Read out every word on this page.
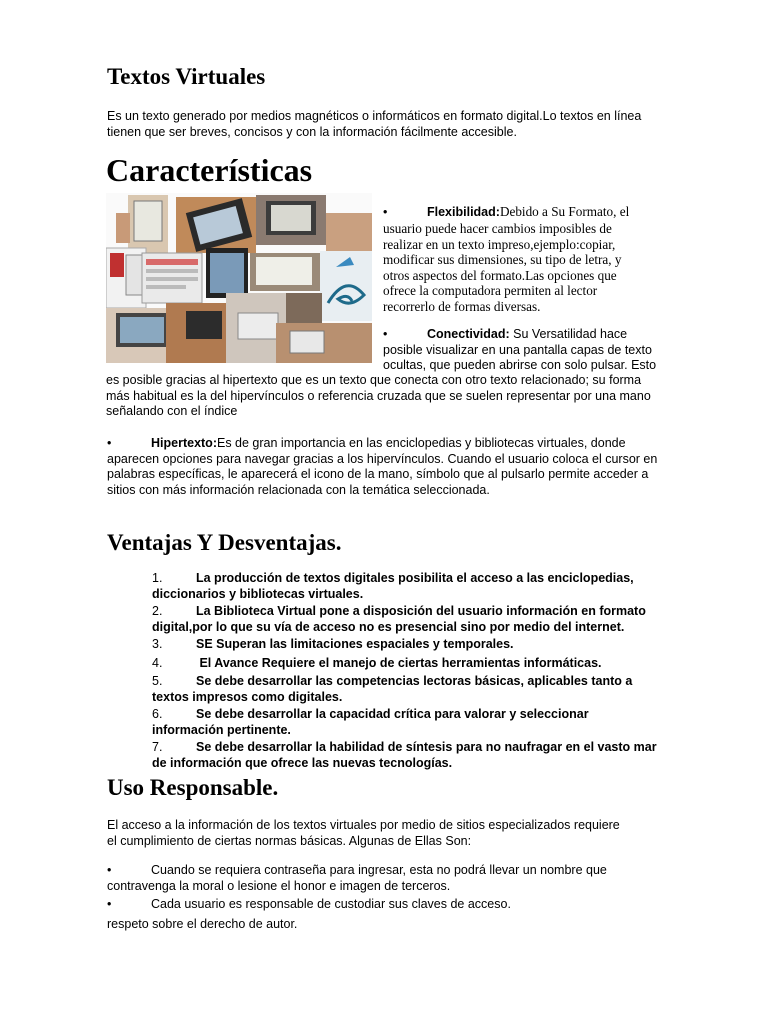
Textos Virtuales
Es un texto generado por medios magnéticos o informáticos en formato digital.Lo textos en línea
tienen que ser breves, concisos y con la información fácilmente accesible.
Características
•	Flexibilidad:Debido a Su Formato, el
usuario puede hacer cambios imposibles de
realizar en un texto impreso,ejemplo:copiar,
modificar sus dimensiones, su tipo de letra, y
otros aspectos del formato.Las opciones que
ofrece la computadora permiten al lector
recorrerlo de formas diversas.
•	Conectividad: Su Versatilidad hace
posible visualizar en una pantalla capas de texto
ocultas, que pueden abrirse con solo pulsar. Esto
es posible gracias al hipertexto que es un texto que conecta con otro texto relacionado; su forma
más habitual es la del hipervínculos o referencia cruzada que se suelen representar por una mano
señalando con el índice
•	Hipertexto:Es de gran importancia en las enciclopedias y bibliotecas virtuales, donde
aparecen opciones para navegar gracias a los hipervínculos. Cuando el usuario coloca el cursor en
palabras específicas, le aparecerá el icono de la mano, símbolo que al pulsarlo permite acceder a
sitios con más información relacionada con la temática seleccionada.
Ventajas Y Desventajas.
1.	La producción de textos digitales posibilita el acceso a las enciclopedias,
diccionarios y bibliotecas virtuales.
2.	La Biblioteca Virtual pone a disposición del usuario información en formato
digital,por lo que su vía de acceso no es presencial sino por medio del internet.
3.	SE Superan las limitaciones espaciales y temporales.
4.	El Avance Requiere el manejo de ciertas herramientas informáticas.
5.	Se debe desarrollar las competencias lectoras básicas, aplicables tanto a
textos impresos como digitales.
6.	Se debe desarrollar la capacidad crítica para valorar y seleccionar
información pertinente.
7.	Se debe desarrollar la habilidad de síntesis para no naufragar en el vasto mar
de información que ofrece las nuevas tecnologías.
Uso Responsable.
El acceso a la información de los textos virtuales por medio de sitios especializados requiere
el cumplimiento de ciertas normas básicas. Algunas de Ellas Son:
•	Cuando se requiera contraseña para ingresar, esta no podrá llevar un nombre que
contravenga la moral o lesione el honor e imagen de terceros.
•	Cada usuario es responsable de custodiar sus claves de acceso.
respeto sobre el derecho de autor.
